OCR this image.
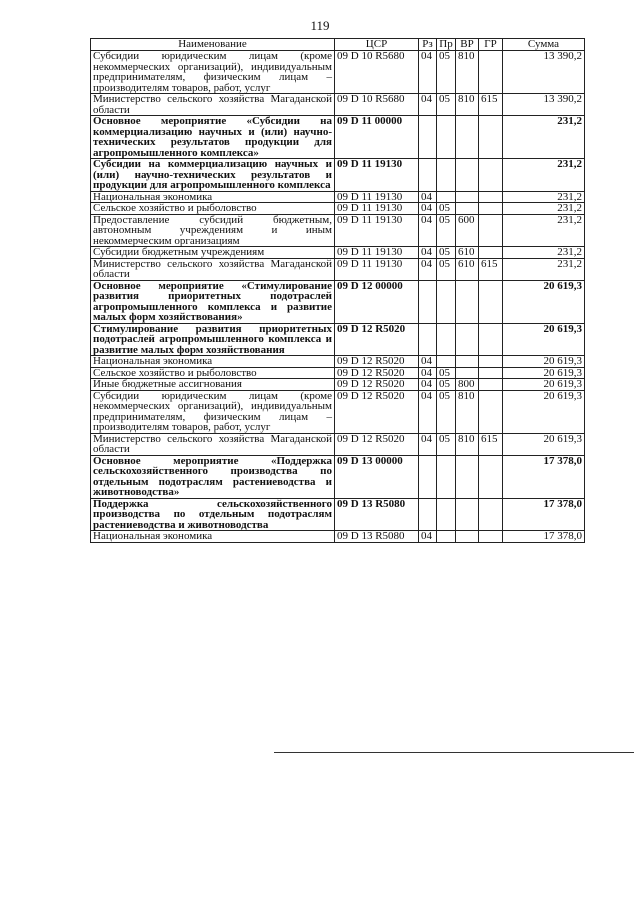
119
Наименование	ЦСР	Рз	Пр	ВР	ГР	Сумма
Субсидии юридическим лицам (кроме некоммерческих организаций), индивидуальным предпринимателям, физическим лицам – производителям товаров, работ, услуг	09 D 10 R5680	04	05	810		13 390,2
Министерство сельского хозяйства Магаданской области	09 D 10 R5680	04	05	810	615	13 390,2
Основное мероприятие «Субсидии на коммерциализацию научных и (или) научно-технических результатов продукции для агропромышленного комплекса»	09 D 11 00000					231,2
Субсидии на коммерциализацию научных и (или) научно-технических результатов и продукции для агропромышленного комплекса	09 D 11 19130					231,2
Национальная экономика	09 D 11 19130	04				231,2
Сельское хозяйство и рыболовство	09 D 11 19130	04	05			231,2
Предоставление субсидий бюджетным, автономным учреждениям и иным некоммерческим организациям	09 D 11 19130	04	05	600		231,2
Субсидии бюджетным учреждениям	09 D 11 19130	04	05	610		231,2
Министерство сельского хозяйства Магаданской области	09 D 11 19130	04	05	610	615	231,2
Основное мероприятие «Стимулирование развития приоритетных подотраслей агропромышленного комплекса и развитие малых форм хозяйствования»	09 D 12 00000					20 619,3
Стимулирование развития приоритетных подотраслей агропромышленного комплекса и развитие малых форм хозяйствования	09 D 12 R5020					20 619,3
Национальная экономика	09 D 12 R5020	04				20 619,3
Сельское хозяйство и рыболовство	09 D 12 R5020	04	05			20 619,3
Иные бюджетные ассигнования	09 D 12 R5020	04	05	800		20 619,3
Субсидии юридическим лицам (кроме некоммерческих организаций), индивидуальным предпринимателям, физическим лицам – производителям товаров, работ, услуг	09 D 12 R5020	04	05	810		20 619,3
Министерство сельского хозяйства Магаданской области	09 D 12 R5020	04	05	810	615	20 619,3
Основное мероприятие «Поддержка сельскохозяйственного производства по отдельным подотраслям растениеводства и животноводства»	09 D 13 00000					17 378,0
Поддержка сельскохозяйственного производства по отдельным подотраслям растениеводства и животноводства	09 D 13 R5080					17 378,0
Национальная экономика	09 D 13 R5080	04				17 378,0
